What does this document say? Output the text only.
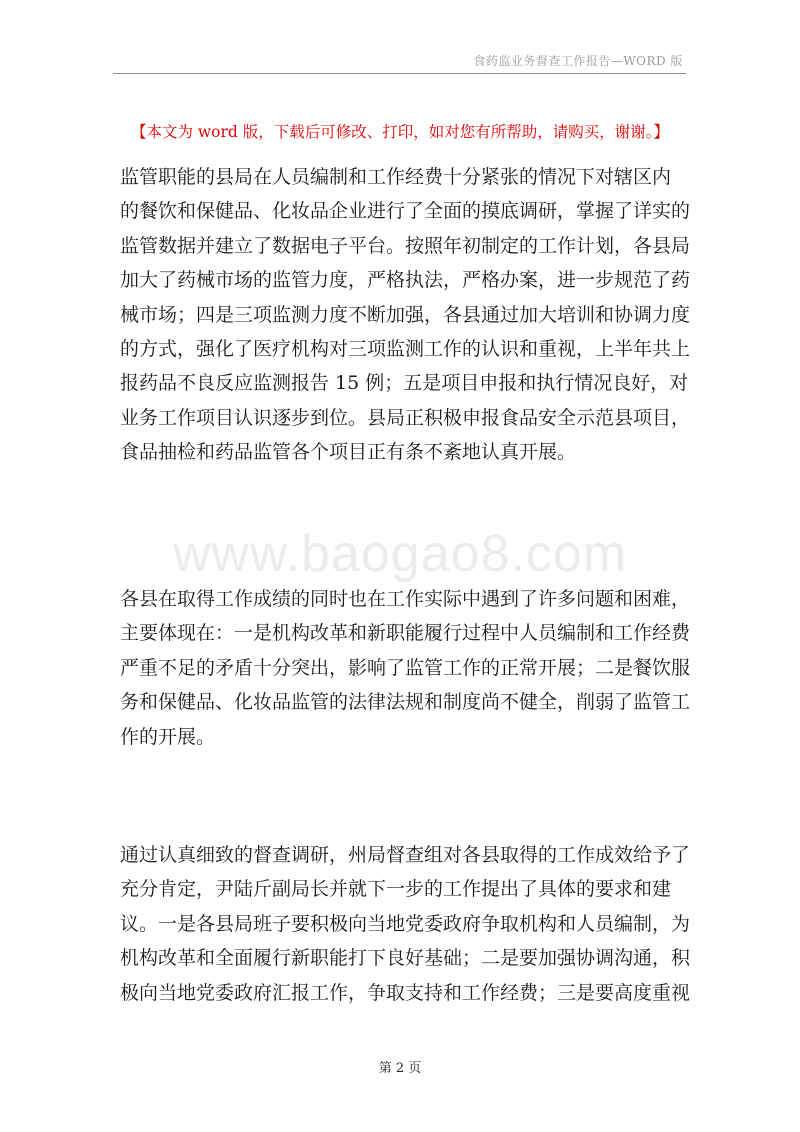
食药监业务督查工作报告—WORD 版
【本文为 word 版，下载后可修改、打印，如对您有所帮助，请购买，谢谢。】
www.baogao8.com
监管职能的县局在人员编制和工作经费十分紧张的情况下对辖区内
的餐饮和保健品、化妆品企业进行了全面的摸底调研，掌握了详实的
监管数据并建立了数据电子平台。按照年初制定的工作计划，各县局
加大了药械市场的监管力度，严格执法，严格办案，进一步规范了药
械市场；四是三项监测力度不断加强，各县通过加大培训和协调力度
的方式，强化了医疗机构对三项监测工作的认识和重视，上半年共上
报药品不良反应监测报告 15 例；五是项目申报和执行情况良好，对
业务工作项目认识逐步到位。县局正积极申报食品安全示范县项目，
食品抽检和药品监管各个项目正有条不紊地认真开展。
各县在取得工作成绩的同时也在工作实际中遇到了许多问题和困难，
主要体现在：一是机构改革和新职能履行过程中人员编制和工作经费
严重不足的矛盾十分突出，影响了监管工作的正常开展；二是餐饮服
务和保健品、化妆品监管的法律法规和制度尚不健全，削弱了监管工
作的开展。
通过认真细致的督查调研，州局督查组对各县取得的工作成效给予了
充分肯定，尹陆斤副局长并就下一步的工作提出了具体的要求和建
议。一是各县局班子要积极向当地党委政府争取机构和人员编制，为
机构改革和全面履行新职能打下良好基础；二是要加强协调沟通，积
极向当地党委政府汇报工作，争取支持和工作经费；三是要高度重视
第 2 页
